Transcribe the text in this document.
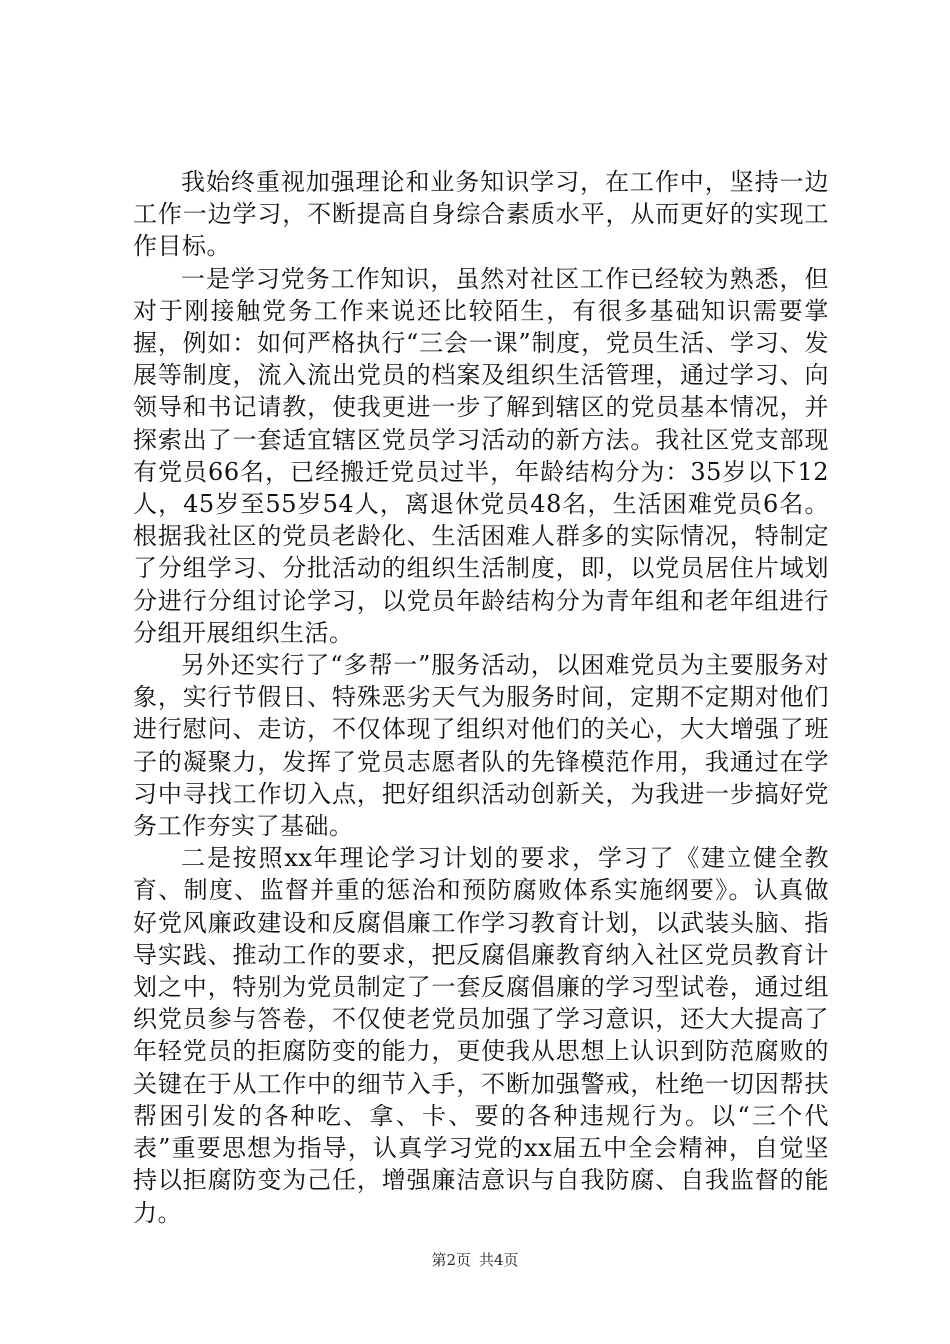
我始终重视加强理论和业务知识学习，在工作中，坚持一边工作一边学习，不断提高自身综合素质水平，从而更好的实现工作目标。

一是学习党务工作知识，虽然对社区工作已经较为熟悉，但对于刚接触党务工作来说还比较陌生，有很多基础知识需要掌握，例如：如何严格执行“三会一课”制度，党员生活、学习、发展等制度，流入流出党员的档案及组织生活管理，通过学习、向领导和书记请教，使我更进一步了解到辖区的党员基本情况，并探索出了一套适宜辖区党员学习活动的新方法。我社区党支部现有党员66名，已经搬迁党员过半，年龄结构分为：35岁以下12人，45岁至55岁54人，离退休党员48名，生活困难党员6名。根据我社区的党员老龄化、生活困难人群多的实际情况，特制定了分组学习、分批活动的组织生活制度，即，以党员居住片域划分进行分组讨论学习，以党员年龄结构分为青年组和老年组进行分组开展组织生活。

另外还实行了“多帮一”服务活动，以困难党员为主要服务对象，实行节假日、特殊恶劣天气为服务时间，定期不定期对他们进行慰问、走访，不仅体现了组织对他们的关心，大大增强了班子的凝聚力，发挥了党员志愿者队的先锋模范作用，我通过在学习中寻找工作切入点，把好组织活动创新关，为我进一步搞好党务工作夯实了基础。

二是按照xx年理论学习计划的要求，学习了《建立健全教育、制度、监督并重的惩治和预防腐败体系实施纲要》。认真做好党风廉政建设和反腐倡廉工作学习教育计划，以武装头脑、指导实践、推动工作的要求，把反腐倡廉教育纳入社区党员教育计划之中，特别为党员制定了一套反腐倡廉的学习型试卷，通过组织党员参与答卷，不仅使老党员加强了学习意识，还大大提高了年轻党员的拒腐防变的能力，更使我从思想上认识到防范腐败的关键在于从工作中的细节入手，不断加强警戒，杜绝一切因帮扶帮困引发的各种吃、拿、卡、要的各种违规行为。以“三个代表”重要思想为指导，认真学习党的xx届五中全会精神，自觉坚持以拒腐防变为己任，增强廉洁意识与自我防腐、自我监督的能力。

第2页 共4页
